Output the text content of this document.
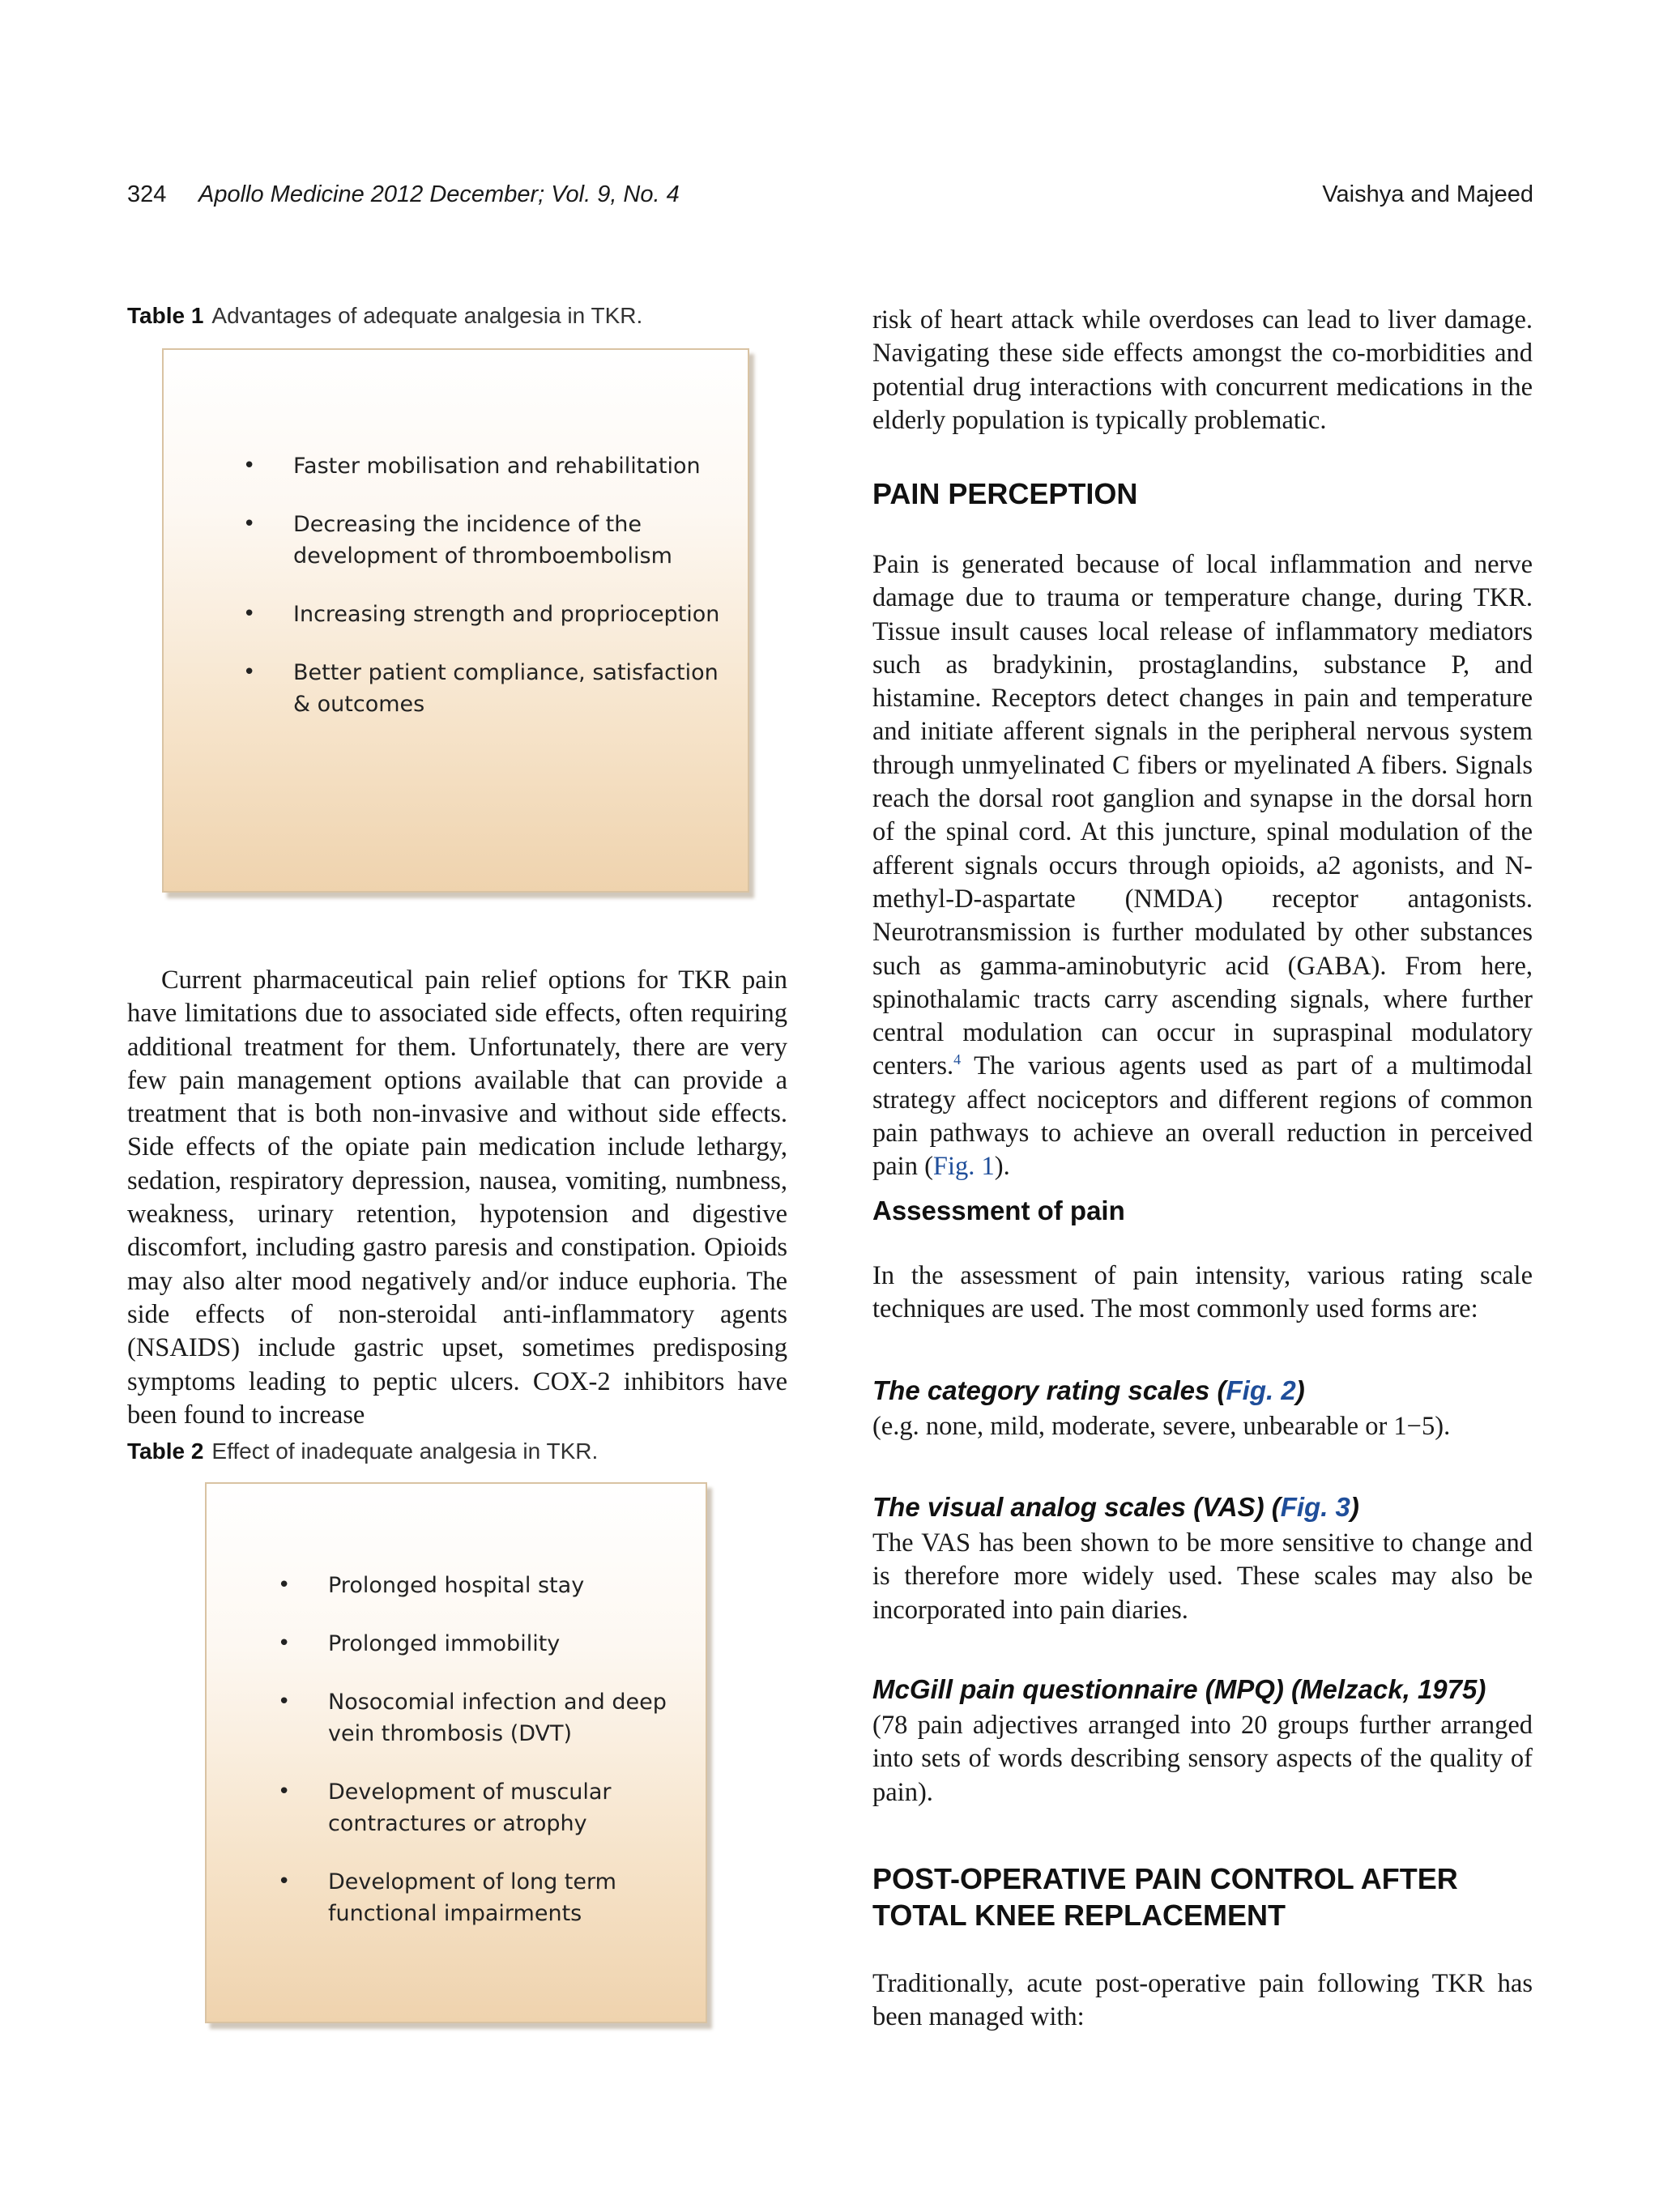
324 Apollo Medicine 2012 December; Vol. 9, No. 4	Vaishya and Majeed
Table 1 Advantages of adequate analgesia in TKR.
• Faster mobilisation and rehabilitation
• Decreasing the incidence of the development of thromboembolism
• Increasing strength and proprioception
• Better patient compliance, satisfaction & outcomes
Current pharmaceutical pain relief options for TKR pain have limitations due to associated side effects, often requiring additional treatment for them. Unfortunately, there are very few pain management options available that can provide a treatment that is both non-invasive and without side effects. Side effects of the opiate pain medication include lethargy, sedation, respiratory depression, nausea, vomiting, numbness, weakness, urinary retention, hypotension and digestive discomfort, including gastro paresis and constipation. Opioids may also alter mood negatively and/or induce euphoria. The side effects of non-steroidal anti-inflammatory agents (NSAIDS) include gastric upset, sometimes predisposing symptoms leading to peptic ulcers. COX-2 inhibitors have been found to increase
Table 2 Effect of inadequate analgesia in TKR.
• Prolonged hospital stay
• Prolonged immobility
• Nosocomial infection and deep vein thrombosis (DVT)
• Development of muscular contractures or atrophy
• Development of long term functional impairments
risk of heart attack while overdoses can lead to liver damage. Navigating these side effects amongst the co-morbidities and potential drug interactions with concurrent medications in the elderly population is typically problematic.
PAIN PERCEPTION
Pain is generated because of local inflammation and nerve damage due to trauma or temperature change, during TKR. Tissue insult causes local release of inflammatory mediators such as bradykinin, prostaglandins, substance P, and histamine. Receptors detect changes in pain and temperature and initiate afferent signals in the peripheral nervous system through unmyelinated C fibers or myelinated A fibers. Signals reach the dorsal root ganglion and synapse in the dorsal horn of the spinal cord. At this juncture, spinal modulation of the afferent signals occurs through opioids, a2 agonists, and N-methyl-D-aspartate (NMDA) receptor antagonists. Neurotransmission is further modulated by other substances such as gamma-aminobutyric acid (GABA). From here, spinothalamic tracts carry ascending signals, where further central modulation can occur in supraspinal modulatory centers.$^4$ The various agents used as part of a multimodal strategy affect nociceptors and different regions of common pain pathways to achieve an overall reduction in perceived pain (Fig. 1).
Assessment of pain
In the assessment of pain intensity, various rating scale techniques are used. The most commonly used forms are:
The category rating scales (Fig. 2)
(e.g. none, mild, moderate, severe, unbearable or 1−5).
The visual analog scales (VAS) (Fig. 3)
The VAS has been shown to be more sensitive to change and is therefore more widely used. These scales may also be incorporated into pain diaries.
McGill pain questionnaire (MPQ) (Melzack, 1975)
(78 pain adjectives arranged into 20 groups further arranged into sets of words describing sensory aspects of the quality of pain).
POST-OPERATIVE PAIN CONTROL AFTER
TOTAL KNEE REPLACEMENT
Traditionally, acute post-operative pain following TKR has been managed with:
